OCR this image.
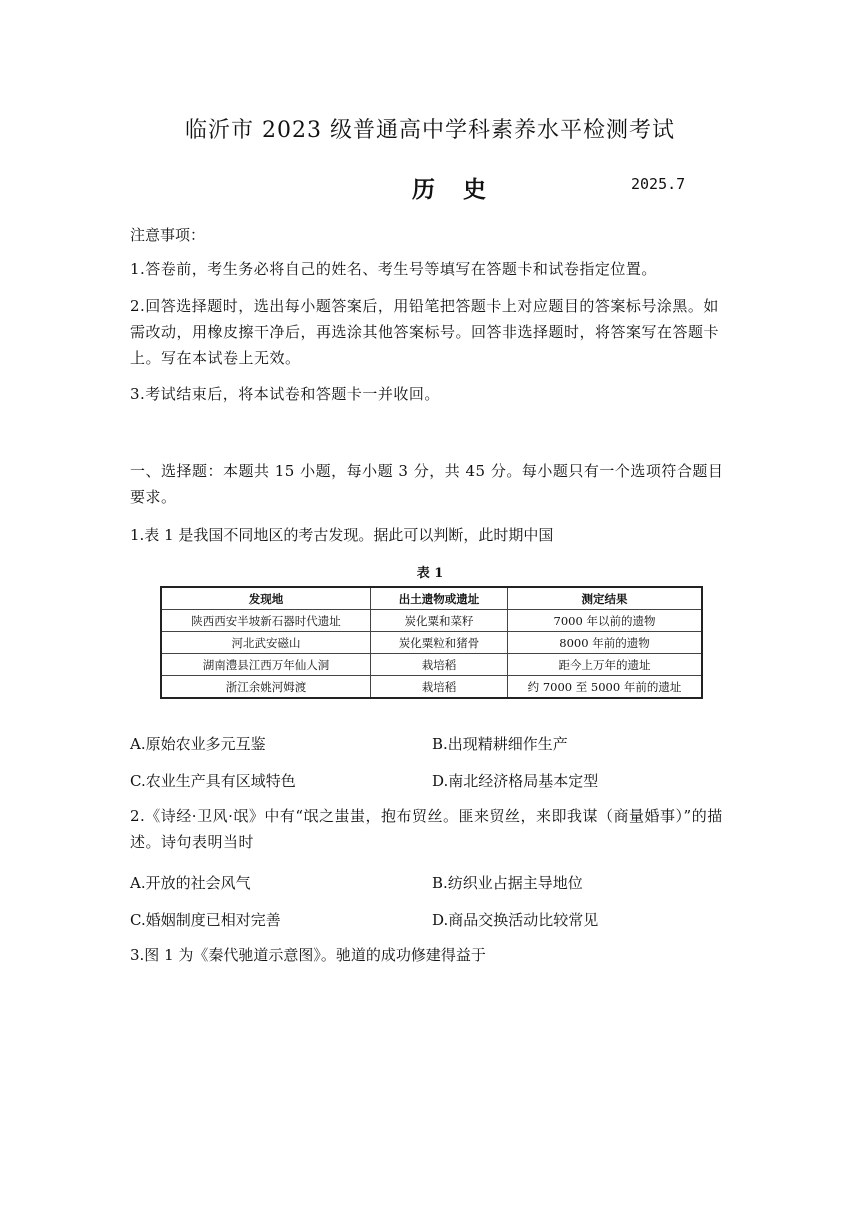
临沂市 2023 级普通高中学科素养水平检测考试
历 史	2025.7
注意事项：
1.答卷前，考生务必将自己的姓名、考生号等填写在答题卡和试卷指定位置。
2.回答选择题时，选出每小题答案后，用铅笔把答题卡上对应题目的答案标号涂黑。如需改动，用橡皮擦干净后，再选涂其他答案标号。回答非选择题时，将答案写在答题卡上。写在本试卷上无效。
3.考试结束后，将本试卷和答题卡一并收回。
一、选择题：本题共 15 小题，每小题 3 分，共 45 分。每小题只有一个选项符合题目要求。
1.表 1 是我国不同地区的考古发现。据此可以判断，此时期中国
表 1
发现地	出土遗物或遗址	测定结果
陕西西安半坡新石器时代遗址	炭化粟和菜籽	7000 年以前的遗物
河北武安磁山	炭化粟粒和猪骨	8000 年前的遗物
湖南澧县江西万年仙人洞	栽培稻	距今上万年的遗址
浙江余姚河姆渡	栽培稻	约 7000 至 5000 年前的遗址
A.原始农业多元互鉴	B.出现精耕细作生产
C.农业生产具有区域特色	D.南北经济格局基本定型
2.《诗经·卫风·氓》中有“氓之蚩蚩，抱布贸丝。匪来贸丝，来即我谋（商量婚事）”的描述。诗句表明当时
A.开放的社会风气	B.纺织业占据主导地位
C.婚姻制度已相对完善	D.商品交换活动比较常见
3.图 1 为《秦代驰道示意图》。驰道的成功修建得益于
